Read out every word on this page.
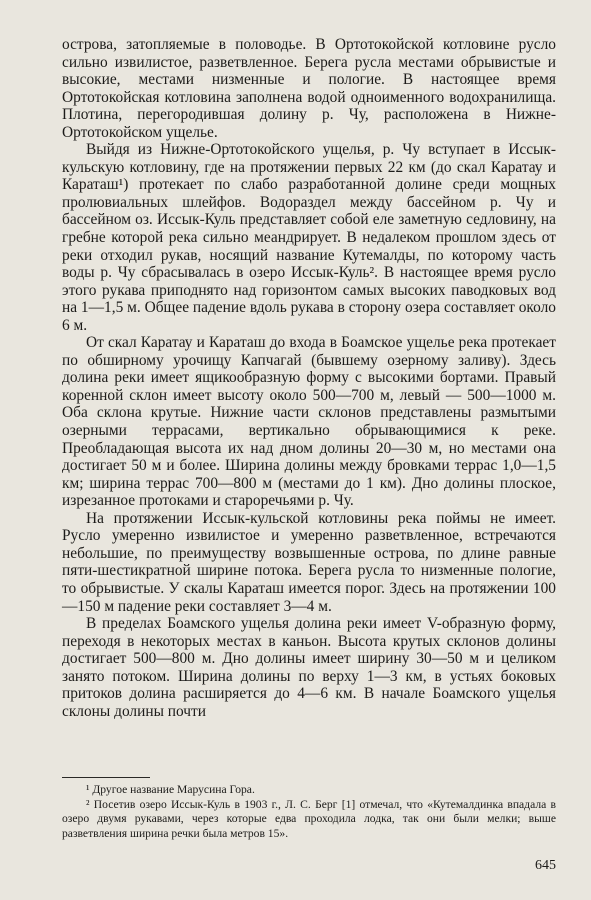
острова, затопляемые в половодье. В Ортотокойской котловине русло сильно извилистое, разветвленное. Берега русла местами обрывистые и высокие, местами низменные и пологие. В настоящее время Ортотокойская котловина заполнена водой одноименного водохранилища. Плотина, перегородившая долину р. Чу, расположена в Нижне-Ортотокойском ущелье.

Выйдя из Нижне-Ортотокойского ущелья, р. Чу вступает в Иссык-кульскую котловину, где на протяжении первых 22 км (до скал Каратау и Караташ¹) протекает по слабо разработанной долине среди мощных пролювиальных шлейфов. Водораздел между бассейном р. Чу и бассейном оз. Иссык-Куль представляет собой еле заметную седловину, на гребне которой река сильно меандрирует. В недалеком прошлом здесь от реки отходил рукав, носящий название Кутемалды, по которому часть воды р. Чу сбрасывалась в озеро Иссык-Куль². В настоящее время русло этого рукава приподнято над горизонтом самых высоких паводковых вод на 1—1,5 м. Общее падение вдоль рукава в сторону озера составляет около 6 м.

От скал Каратау и Караташ до входа в Боамское ущелье река протекает по обширному урочищу Капчагай (бывшему озерному заливу). Здесь долина реки имеет ящикообразную форму с высокими бортами. Правый коренной склон имеет высоту около 500—700 м, левый — 500—1000 м. Оба склона крутые. Нижние части склонов представлены размытыми озерными террасами, вертикально обрывающимися к реке. Преобладающая высота их над дном долины 20—30 м, но местами она достигает 50 м и более. Ширина долины между бровками террас 1,0—1,5 км; ширина террас 700—800 м (местами до 1 км). Дно долины плоское, изрезанное протоками и староречьями р. Чу.

На протяжении Иссык-кульской котловины река поймы не имеет. Русло умеренно извилистое и умеренно разветвленное, встречаются небольшие, по преимуществу возвышенные острова, по длине равные пяти-шестикратной ширине потока. Берега русла то низменные пологие, то обрывистые. У скалы Караташ имеется порог. Здесь на протяжении 100—150 м падение реки составляет 3—4 м.

В пределах Боамского ущелья долина реки имеет V-образную форму, переходя в некоторых местах в каньон. Высота крутых склонов долины достигает 500—800 м. Дно долины имеет ширину 30—50 м и целиком занято потоком. Ширина долины по верху 1—3 км, в устьях боковых притоков долина расширяется до 4—6 км. В начале Боамского ущелья склоны долины почти

¹ Другое название Марусина Гора.

² Посетив озеро Иссык-Куль в 1903 г., Л. С. Берг [1] отмечал, что «Кутемалдинка впадала в озеро двумя рукавами, через которые едва проходила лодка, так они были мелки; выше разветвления ширина речки была метров 15».

645
